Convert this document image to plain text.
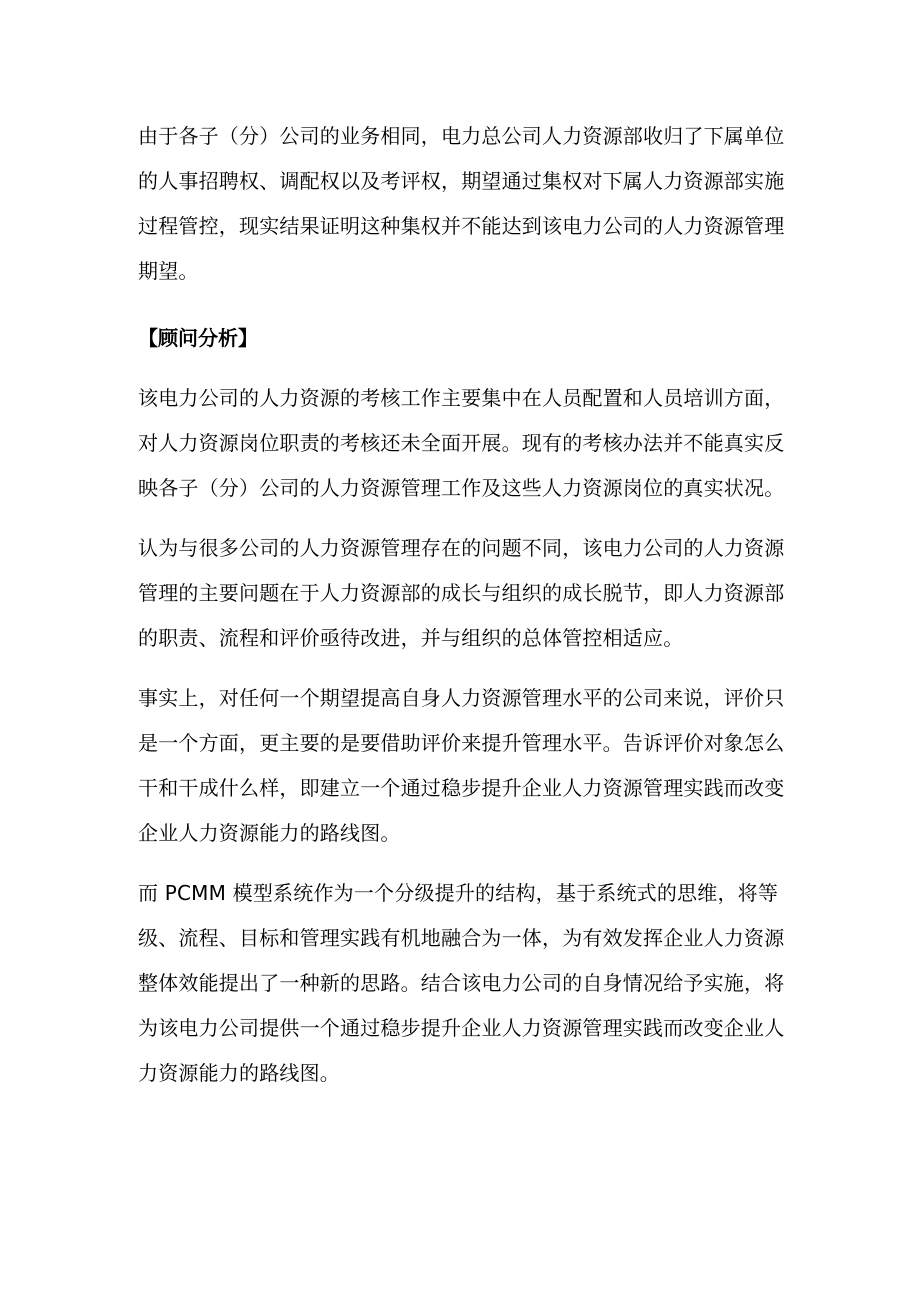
由于各子（分）公司的业务相同，电力总公司人力资源部收归了下属单位
的人事招聘权、调配权以及考评权，期望通过集权对下属人力资源部实施
过程管控，现实结果证明这种集权并不能达到该电力公司的人力资源管理
期望。

【顾问分析】

该电力公司的人力资源的考核工作主要集中在人员配置和人员培训方面，
对人力资源岗位职责的考核还未全面开展。现有的考核办法并不能真实反
映各子（分）公司的人力资源管理工作及这些人力资源岗位的真实状况。

认为与很多公司的人力资源管理存在的问题不同，该电力公司的人力资源
管理的主要问题在于人力资源部的成长与组织的成长脱节，即人力资源部
的职责、流程和评价亟待改进，并与组织的总体管控相适应。

事实上，对任何一个期望提高自身人力资源管理水平的公司来说，评价只
是一个方面，更主要的是要借助评价来提升管理水平。告诉评价对象怎么
干和干成什么样，即建立一个通过稳步提升企业人力资源管理实践而改变
企业人力资源能力的路线图。

而 PCMM 模型系统作为一个分级提升的结构，基于系统式的思维，将等
级、流程、目标和管理实践有机地融合为一体，为有效发挥企业人力资源
整体效能提出了一种新的思路。结合该电力公司的自身情况给予实施，将
为该电力公司提供一个通过稳步提升企业人力资源管理实践而改变企业人
力资源能力的路线图。
